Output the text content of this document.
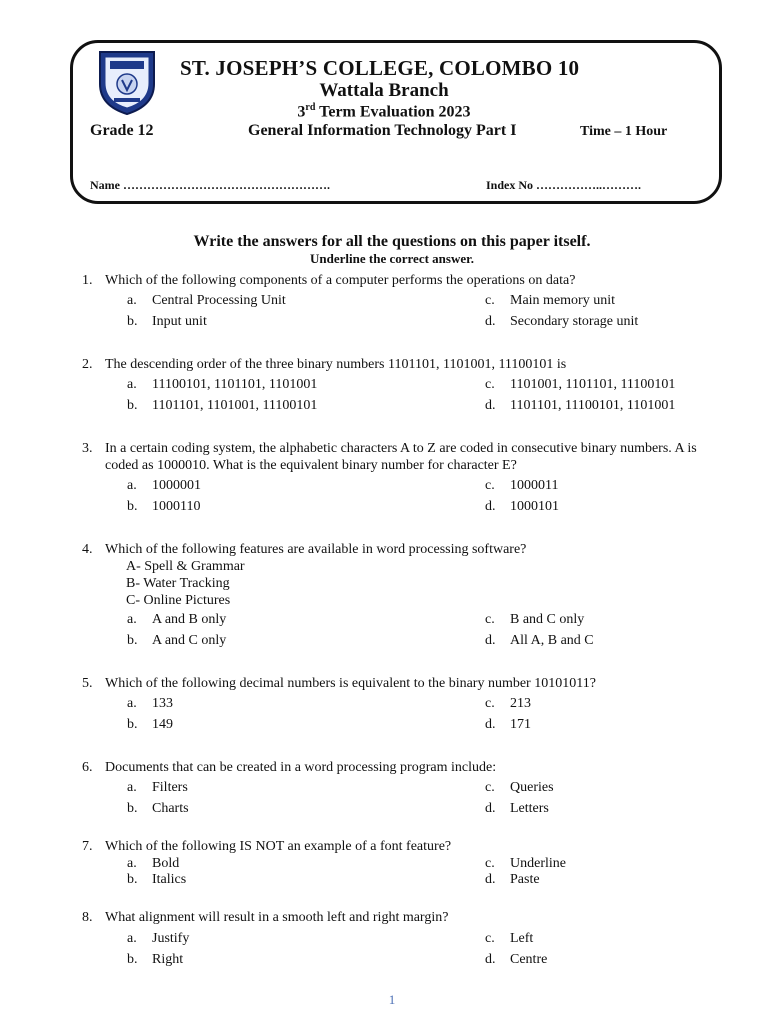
ST. JOSEPH’S COLLEGE, COLOMBO 10
Wattala Branch
3rd Term Evaluation 2023
Grade 12	General Information Technology Part I	Time – 1 Hour
Name …………………………………………….	Index No ……………..……….
Write the answers for all the questions on this paper itself.
Underline the correct answer.
1. Which of the following components of a computer performs the operations on data?
a. Central Processing Unit
b. Input unit
c. Main memory unit
d. Secondary storage unit
2. The descending order of the three binary numbers 1101101, 1101001, 11100101 is
a. 11100101, 1101101, 1101001
b. 1101101, 1101001, 11100101
c. 1101001, 1101101, 11100101
d. 1101101, 11100101, 1101001
3. In a certain coding system, the alphabetic characters A to Z are coded in consecutive binary numbers. A is coded as 1000010. What is the equivalent binary number for character E?
a. 1000001
b. 1000110
c. 1000011
d. 1000101
4. Which of the following features are available in word processing software?
A- Spell & Grammar
B- Water Tracking
C- Online Pictures
a. A and B only
b. A and C only
c. B and C only
d. All A, B and C
5. Which of the following decimal numbers is equivalent to the binary number 10101011?
a. 133
b. 149
c. 213
d. 171
6. Documents that can be created in a word processing program include:
a. Filters
b. Charts
c. Queries
d. Letters
7. Which of the following IS NOT an example of a font feature?
a. Bold
b. Italics
c. Underline
d. Paste
8. What alignment will result in a smooth left and right margin?
a. Justify
b. Right
c. Left
d. Centre
1
